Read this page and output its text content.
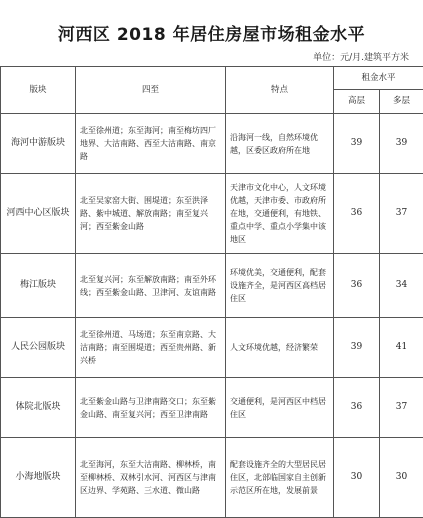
河西区 2018 年居住房屋市场租金水平
单位：元/月.建筑平方米
版块	四至	特点	租金水平	
			高层	多层
海河中游版块	北至徐州道；东至海河；南至梅坊四厂地界、大沽南路、西至大沽南路、南京路	沿海河一线，自然环境优越，区委区政府所在地	39	39
河西中心区版块	北至吴家窑大街、围堤道；东至洪泽路、紫中城道、解放南路；南至复兴河；西至紫金山路	天津市文化中心，人文环境优越，天津市委、市政府所在地，交通便利，有地铁、重点中学、重点小学集中该地区	36	37
梅江版块	北至复兴河；东至解放南路；南至外环线；西至紫金山路、卫津河、友谊南路	环境优美，交通便利，配套设施齐全，是河西区高档居住区	36	34
人民公园版块	北至徐州道、马场道；东至南京路、大沽南路；南至围堤道；西至贵州路、新兴桥	人文环境优越，经济繁荣	39	41
体院北版块	北至紫金山路与卫津南路交口；东至紫金山路、南至复兴河；西至卫津南路	交通便利，是河西区中档居住区	36	37
小海地版块	北至海河，东至大沽南路、柳林桥，南至柳林桥、双林引水河、河西区与津南区边界、学苑路、三水道、微山路	配套设施齐全的大型居民居住区，北部临国家自主创新示范区所在地，发展前景	30	30
